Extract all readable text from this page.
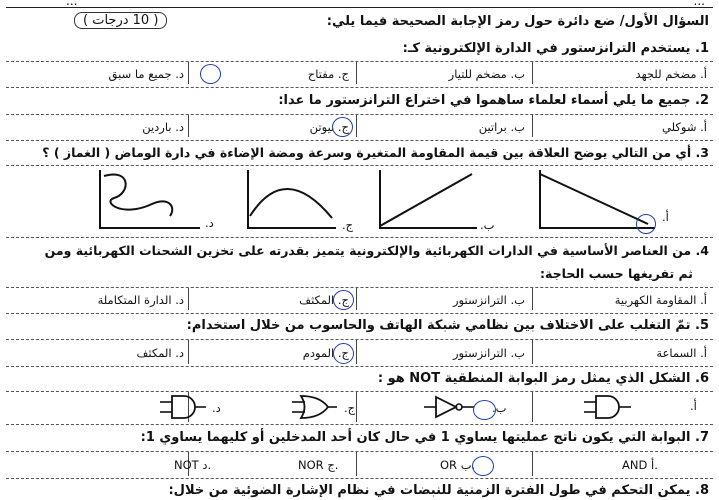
...	...
السؤال الأول/ ضع دائرة حول رمز الإجابة الصحيحة فيما يلي:
( 10 درجات )
1. يستخدم الترانزستور في الدارة الإلكترونية كـ:
أ. مضخم للجهد
ب. مضخم للتيار
ج. مفتاح
د. جميع ما سبق
2. جميع ما يلي أسماء لعلماء ساهموا في اختراع الترانزستور ما عدا:
أ. شوكلي
ب. براتين
ج. نيوتن
د. باردين
3. أي من التالي يوضح العلاقة بين قيمة المقاومة المتغيرة وسرعة ومضة الإضاءة في دارة الوماض ( الغماز ) ؟
أ.
ب.
ج.
د.
4. من العناصر الأساسية في الدارات الكهربائية والإلكترونية يتميز بقدرته على تخزين الشحنات الكهربائية ومن
ثم تفريغها حسب الحاجة:
أ. المقاومة الكهربية
ب. الترانزستور
ج. المكثف
د. الدارة المتكاملة
5. تمّ التغلب على الاختلاف بين نظامي شبكة الهاتف والحاسوب من خلال استخدام:
أ. السماعة
ب. الترانزستور
ج. المودم
د. المكثف
6. الشكل الذي يمثل رمز البوابة المنطقية NOT هو :
أ.
ب.
ج.
د.
7. البوابة التي يكون ناتج عمليتها يساوي 1 في حال كان أحد المدخلين أو كليهما يساوي 1:
AND أ.
OR ب.
NOR ج.
NOT د.
8. يمكن التحكم في طول الفترة الزمنية للنبضات في نظام الإشارة الضوئية من خلال:
